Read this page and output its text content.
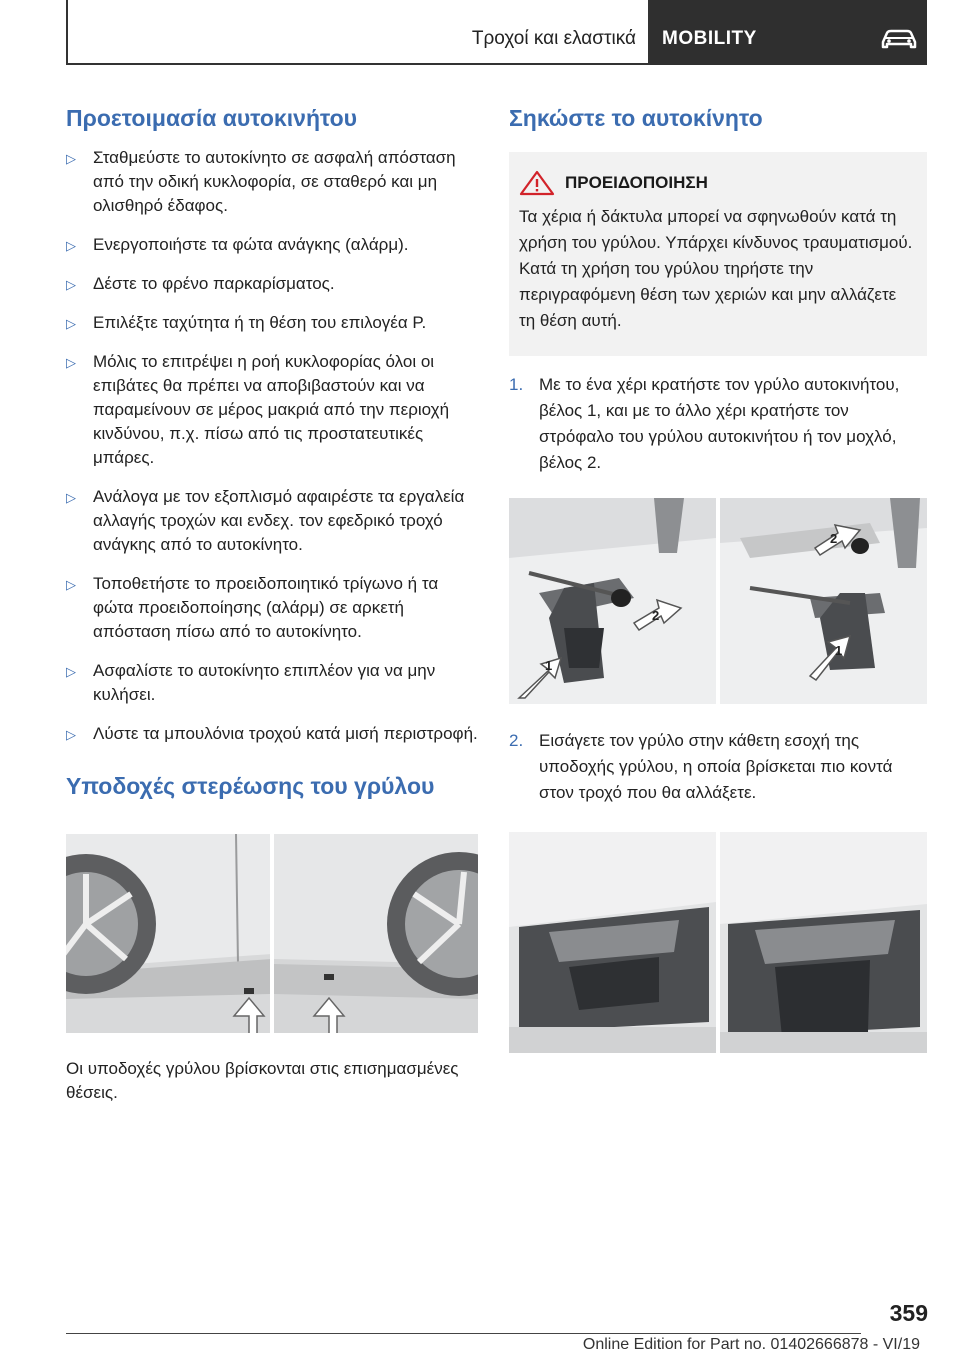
Τροχοί και ελαστικά MOBILITY
Προετοιμασία αυτοκινήτου
▷ Σταθμεύστε το αυτοκίνητο σε ασφαλή απόσταση από την οδική κυκλοφορία, σε σταθερό και μη ολισθηρό έδαφος.
▷ Ενεργοποιήστε τα φώτα ανάγκης (αλάρμ).
▷ Δέστε το φρένο παρκαρίσματος.
▷ Επιλέξτε ταχύτητα ή τη θέση του επιλογέα P.
▷ Μόλις το επιτρέψει η ροή κυκλοφορίας όλοι οι επιβάτες θα πρέπει να αποβιβαστούν και να παραμείνουν σε μέρος μακριά από την περιοχή κινδύνου, π.χ. πίσω από τις προστατευτικές μπάρες.
▷ Ανάλογα με τον εξοπλισμό αφαιρέστε τα εργαλεία αλλαγής τροχών και ενδεχ. τον εφεδρικό τροχό ανάγκης από το αυτοκίνητο.
▷ Τοποθετήστε το προειδοποιητικό τρίγωνο ή τα φώτα προειδοποίησης (αλάρμ) σε αρκετή απόσταση πίσω από το αυτοκίνητο.
▷ Ασφαλίστε το αυτοκίνητο επιπλέον για να μην κυλήσει.
▷ Λύστε τα μπουλόνια τροχού κατά μισή περιστροφή.
Υποδοχές στερέωσης του γρύλου

Οι υποδοχές γρύλου βρίσκονται στις επισημασμένες θέσεις.

Σηκώστε το αυτοκίνητο
ΠΡΟΕΙΔΟΠΟΙΗΣΗ

Τα χέρια ή δάκτυλα μπορεί να σφηνωθούν κατά τη χρήση του γρύλου. Υπάρχει κίνδυνος τραυματισμού. Κατά τη χρήση του γρύλου τηρήστε την περιγραφόμενη θέση των χεριών και μην αλλάζετε τη θέση αυτή.

1. Με το ένα χέρι κρατήστε τον γρύλο αυτοκινήτου, βέλος 1, και με το άλλο χέρι κρατήστε τον στρόφαλο του γρύλου αυτοκινήτου ή τον μοχλό, βέλος 2.
1
2
1
2
2. Εισάγετε τον γρύλο στην κάθετη εσοχή της υποδοχής γρύλου, η οποία βρίσκεται πιο κοντά στον τροχό που θα αλλάξετε.
359
Online Edition for Part no. 01402666878 - VI/19
